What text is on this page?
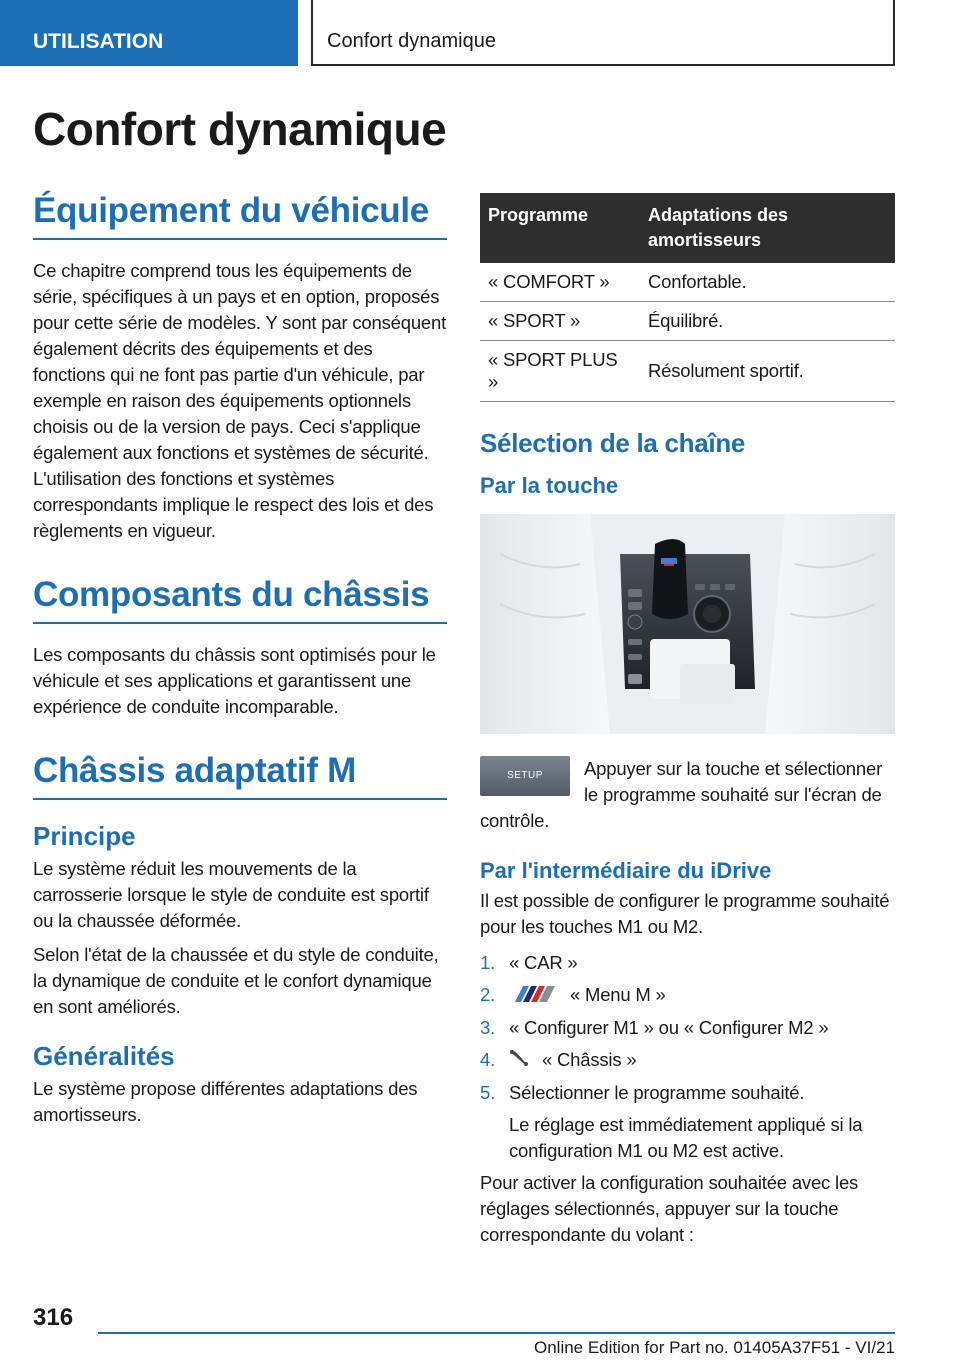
UTILISATION	Confort dynamique
Confort dynamique
Équipement du véhicule

Ce chapitre comprend tous les équipements de série, spécifiques à un pays et en option, proposés pour cette série de modèles. Y sont par conséquent également décrits des équipements et des fonctions qui ne font pas partie d'un véhicule, par exemple en raison des équipements optionnels choisis ou de la version de pays. Ceci s'applique également aux fonctions et systèmes de sécurité. L'utilisation des fonctions et systèmes correspondants implique le respect des lois et des règlements en vigueur.

Composants du châssis

Les composants du châssis sont optimisés pour le véhicule et ses applications et garantissent une expérience de conduite incomparable.

Châssis adaptatif M
Principe

Le système réduit les mouvements de la carrosserie lorsque le style de conduite est sportif ou la chaussée déformée.

Selon l'état de la chaussée et du style de conduite, la dynamique de conduite et le confort dynamique en sont améliorés.

Généralités

Le système propose différentes adaptations des amortisseurs.

Programme	Adaptations des amortisseurs
« COMFORT »	Confortable.
« SPORT »	Équilibré.
« SPORT PLUS »	Résolument sportif.
Sélection de la chaîne
Par la touche
SETUP	Appuyer sur la touche et sélectionner le programme souhaité sur l'écran de contrôle.

Par l'intermédiaire du iDrive

Il est possible de configurer le programme souhaité pour les touches M1 ou M2.

1. « CAR »
2.	« Menu M »
3. « Configurer M1 » ou « Configurer M2 »
4.	« Châssis »
5. Sélectionner le programme souhaité.

Le réglage est immédiatement appliqué si la configuration M1 ou M2 est active.

Pour activer la configuration souhaitée avec les réglages sélectionnés, appuyer sur la touche correspondante du volant :

316
Online Edition for Part no. 01405A37F51 - VI/21
